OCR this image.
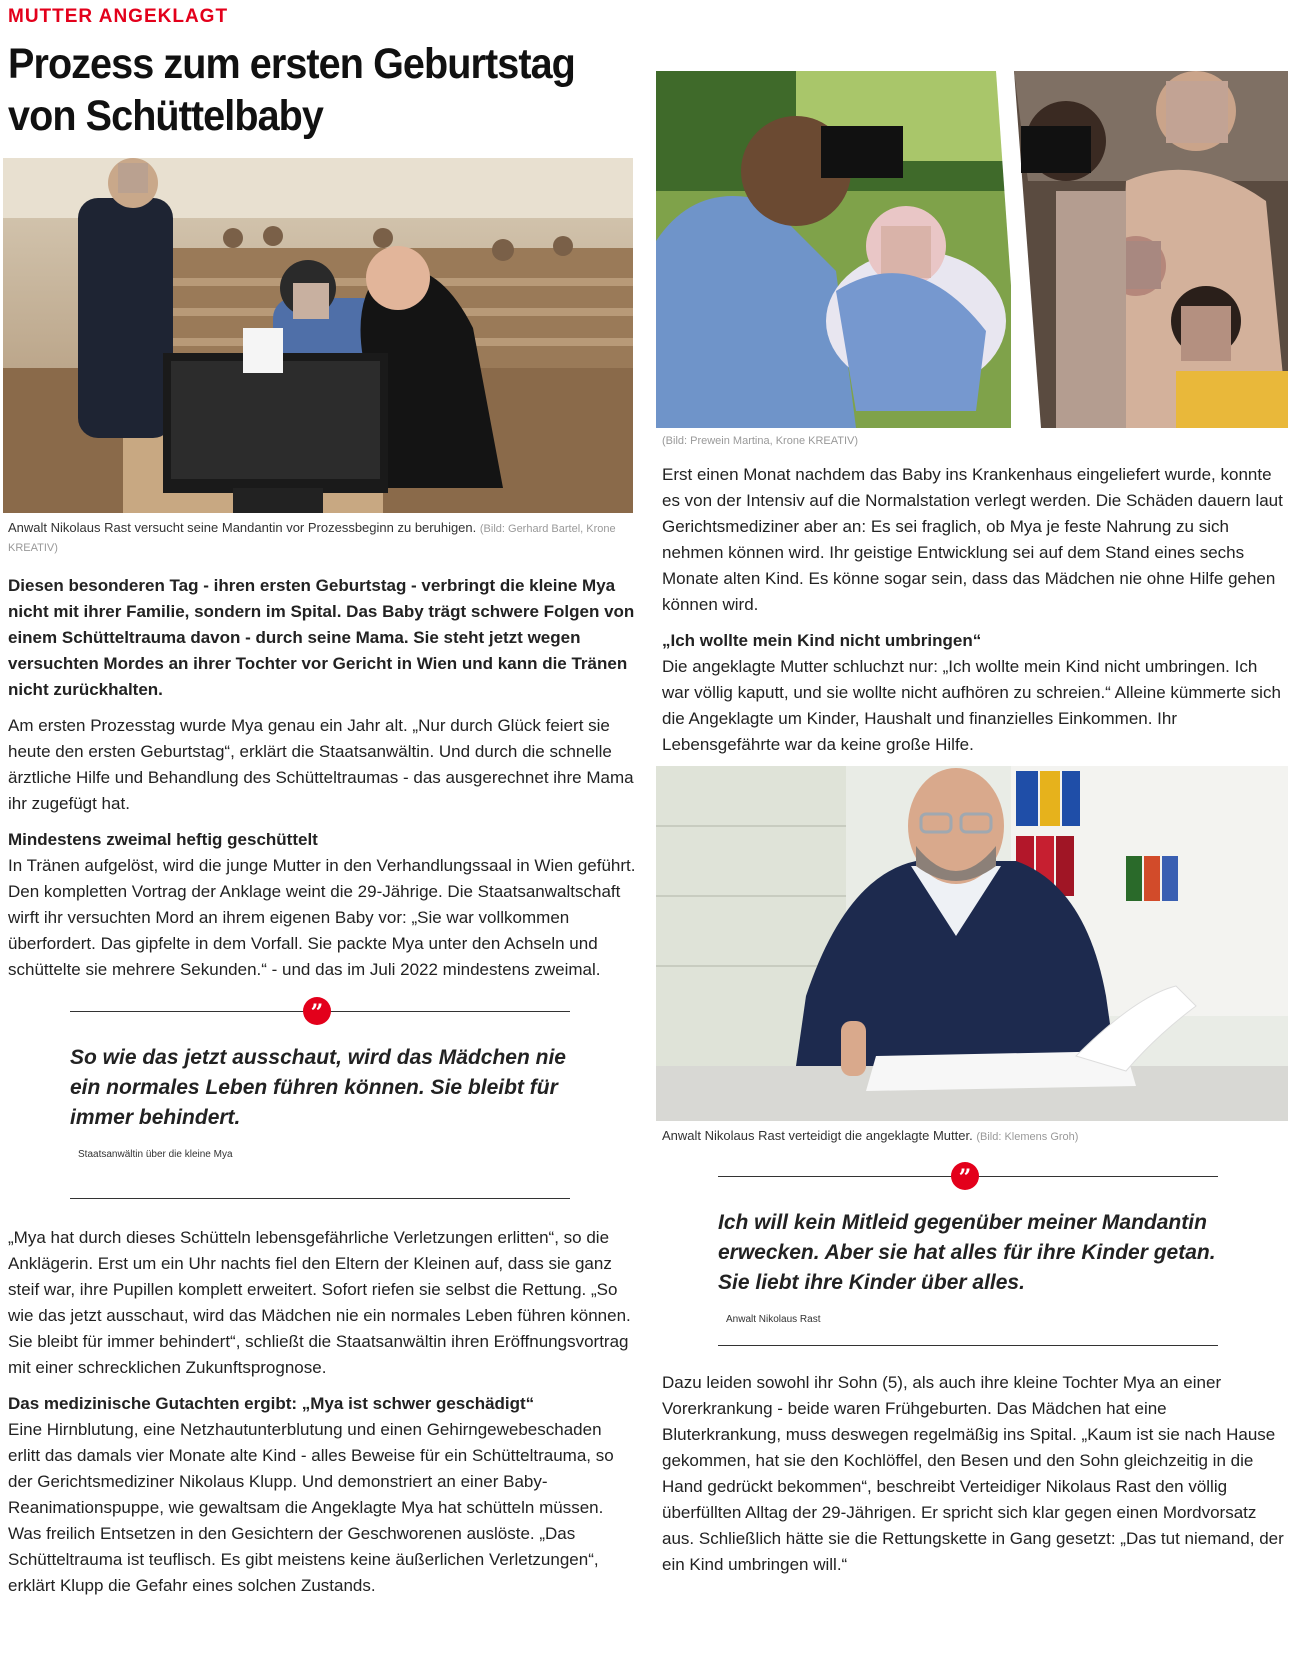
MUTTER ANGEKLAGT
Prozess zum ersten Geburtstag von Schüttelbaby
Anwalt Nikolaus Rast versucht seine Mandantin vor Prozessbeginn zu beruhigen. (Bild: Gerhard Bartel, Krone KREATIV)
Diesen besonderen Tag - ihren ersten Geburtstag - verbringt die kleine Mya nicht mit ihrer Familie, sondern im Spital. Das Baby trägt schwere Folgen von einem Schütteltrauma davon - durch seine Mama. Sie steht jetzt wegen versuchten Mordes an ihrer Tochter vor Gericht in Wien und kann die Tränen nicht zurückhalten.

Am ersten Prozesstag wurde Mya genau ein Jahr alt. „Nur durch Glück feiert sie heute den ersten Geburtstag“, erklärt die Staatsanwältin. Und durch die schnelle ärztliche Hilfe und Behandlung des Schütteltraumas - das ausgerechnet ihre Mama ihr zugefügt hat.

Mindestens zweimal heftig geschüttelt

In Tränen aufgelöst, wird die junge Mutter in den Verhandlungssaal in Wien geführt. Den kompletten Vortrag der Anklage weint die 29-Jährige. Die Staatsanwaltschaft wirft ihr versuchten Mord an ihrem eigenen Baby vor: „Sie war vollkommen überfordert. Das gipfelte in dem Vorfall. Sie packte Mya unter den Achseln und schüttelte sie mehrere Sekunden.“ - und das im Juli 2022 mindestens zweimal.

”
So wie das jetzt ausschaut, wird das Mädchen nie ein normales Leben führen können. Sie bleibt für immer behindert.
Staatsanwältin über die kleine Mya

„Mya hat durch dieses Schütteln lebensgefährliche Verletzungen erlitten“, so die Anklägerin. Erst um ein Uhr nachts fiel den Eltern der Kleinen auf, dass sie ganz steif war, ihre Pupillen komplett erweitert. Sofort riefen sie selbst die Rettung. „So wie das jetzt ausschaut, wird das Mädchen nie ein normales Leben führen können. Sie bleibt für immer behindert“, schließt die Staatsanwältin ihren Eröffnungsvortrag mit einer schrecklichen Zukunftsprognose.

Das medizinische Gutachten ergibt: „Mya ist schwer geschädigt“

Eine Hirnblutung, eine Netzhautunterblutung und einen Gehirngewebeschaden erlitt das damals vier Monate alte Kind - alles Beweise für ein Schütteltrauma, so der Gerichtsmediziner Nikolaus Klupp. Und demonstriert an einer Baby-Reanimationspuppe, wie gewaltsam die Angeklagte Mya hat schütteln müssen. Was freilich Entsetzen in den Gesichtern der Geschworenen auslöste. „Das Schütteltrauma ist teuflisch. Es gibt meistens keine äußerlichen Verletzungen“, erklärt Klupp die Gefahr eines solchen Zustands.

(Bild: Prewein Martina, Krone KREATIV)

Erst einen Monat nachdem das Baby ins Krankenhaus eingeliefert wurde, konnte es von der Intensiv auf die Normalstation verlegt werden. Die Schäden dauern laut Gerichtsmediziner aber an: Es sei fraglich, ob Mya je feste Nahrung zu sich nehmen können wird. Ihr geistige Entwicklung sei auf dem Stand eines sechs Monate alten Kind. Es könne sogar sein, dass das Mädchen nie ohne Hilfe gehen können wird.

„Ich wollte mein Kind nicht umbringen“

Die angeklagte Mutter schluchzt nur: „Ich wollte mein Kind nicht umbringen. Ich war völlig kaputt, und sie wollte nicht aufhören zu schreien.“ Alleine kümmerte sich die Angeklagte um Kinder, Haushalt und finanzielles Einkommen. Ihr Lebensgefährte war da keine große Hilfe.

Anwalt Nikolaus Rast verteidigt die angeklagte Mutter. (Bild: Klemens Groh)
”
Ich will kein Mitleid gegenüber meiner Mandantin erwecken. Aber sie hat alles für ihre Kinder getan. Sie liebt ihre Kinder über alles.
Anwalt Nikolaus Rast

Dazu leiden sowohl ihr Sohn (5), als auch ihre kleine Tochter Mya an einer Vorerkrankung - beide waren Frühgeburten. Das Mädchen hat eine Bluterkrankung, muss deswegen regelmäßig ins Spital. „Kaum ist sie nach Hause gekommen, hat sie den Kochlöffel, den Besen und den Sohn gleichzeitig in die Hand gedrückt bekommen“, beschreibt Verteidiger Nikolaus Rast den völlig überfüllten Alltag der 29-Jährigen. Er spricht sich klar gegen einen Mordvorsatz aus. Schließlich hätte sie die Rettungskette in Gang gesetzt: „Das tut niemand, der ein Kind umbringen will.“
